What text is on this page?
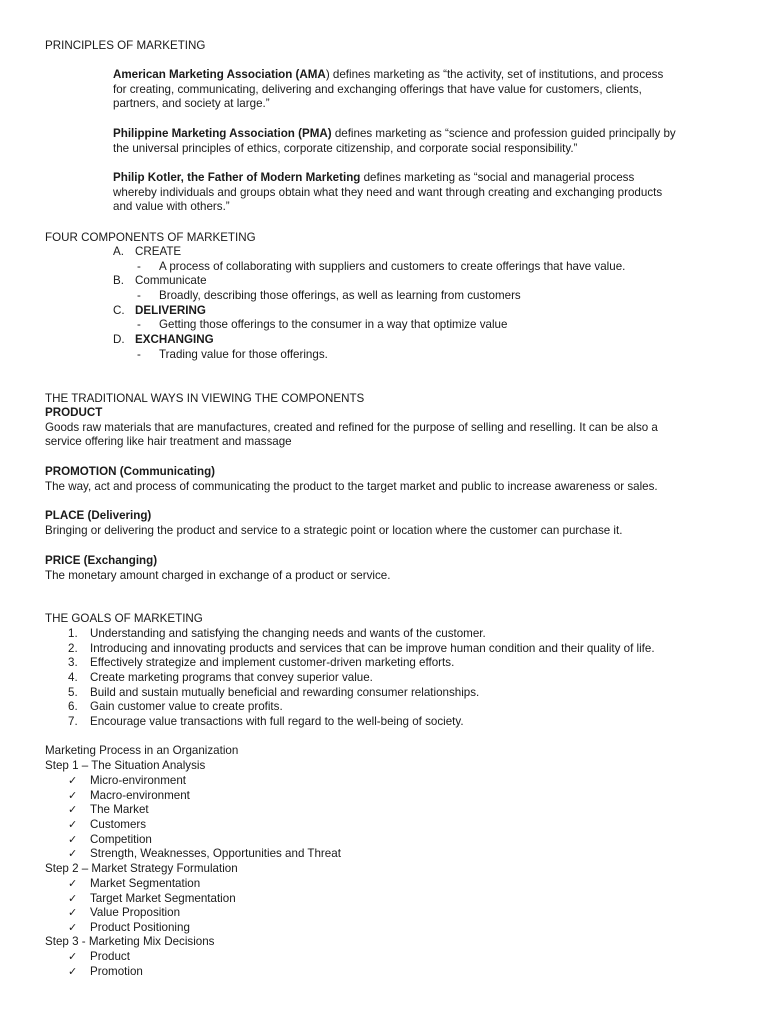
PRINCIPLES OF MARKETING
American Marketing Association (AMA) defines marketing as “the activity, set of institutions, and process
for creating, communicating, delivering and exchanging offerings that have value for customers, clients,
partners, and society at large.”
Philippine Marketing Association (PMA) defines marketing as “science and profession guided principally by
the universal principles of ethics, corporate citizenship, and corporate social responsibility.”
Philip Kotler, the Father of Modern Marketing defines marketing as “social and managerial process
whereby individuals and groups obtain what they need and want through creating and exchanging products
and value with others.”
FOUR COMPONENTS OF MARKETING
A. CREATE
- A process of collaborating with suppliers and customers to create offerings that have value.
B. Communicate
- Broadly, describing those offerings, as well as learning from customers
C. DELIVERING
- Getting those offerings to the consumer in a way that optimize value
D. EXCHANGING
- Trading value for those offerings.
THE TRADITIONAL WAYS IN VIEWING THE COMPONENTS
PRODUCT
Goods raw materials that are manufactures, created and refined for the purpose of selling and reselling. It can be also a
service offering like hair treatment and massage
PROMOTION (Communicating)
The way, act and process of communicating the product to the target market and public to increase awareness or sales.
PLACE (Delivering)
Bringing or delivering the product and service to a strategic point or location where the customer can purchase it.
PRICE (Exchanging)
The monetary amount charged in exchange of a product or service.
THE GOALS OF MARKETING
1. Understanding and satisfying the changing needs and wants of the customer.
2. Introducing and innovating products and services that can be improve human condition and their quality of life.
3. Effectively strategize and implement customer-driven marketing efforts.
4. Create marketing programs that convey superior value.
5. Build and sustain mutually beneficial and rewarding consumer relationships.
6. Gain customer value to create profits.
7. Encourage value transactions with full regard to the well-being of society.
Marketing Process in an Organization
Step 1 – The Situation Analysis
✓ Micro-environment
✓ Macro-environment
✓ The Market
✓ Customers
✓ Competition
✓ Strength, Weaknesses, Opportunities and Threat
Step 2 – Market Strategy Formulation
✓ Market Segmentation
✓ Target Market Segmentation
✓ Value Proposition
✓ Product Positioning
Step 3 - Marketing Mix Decisions
✓ Product
✓ Promotion
